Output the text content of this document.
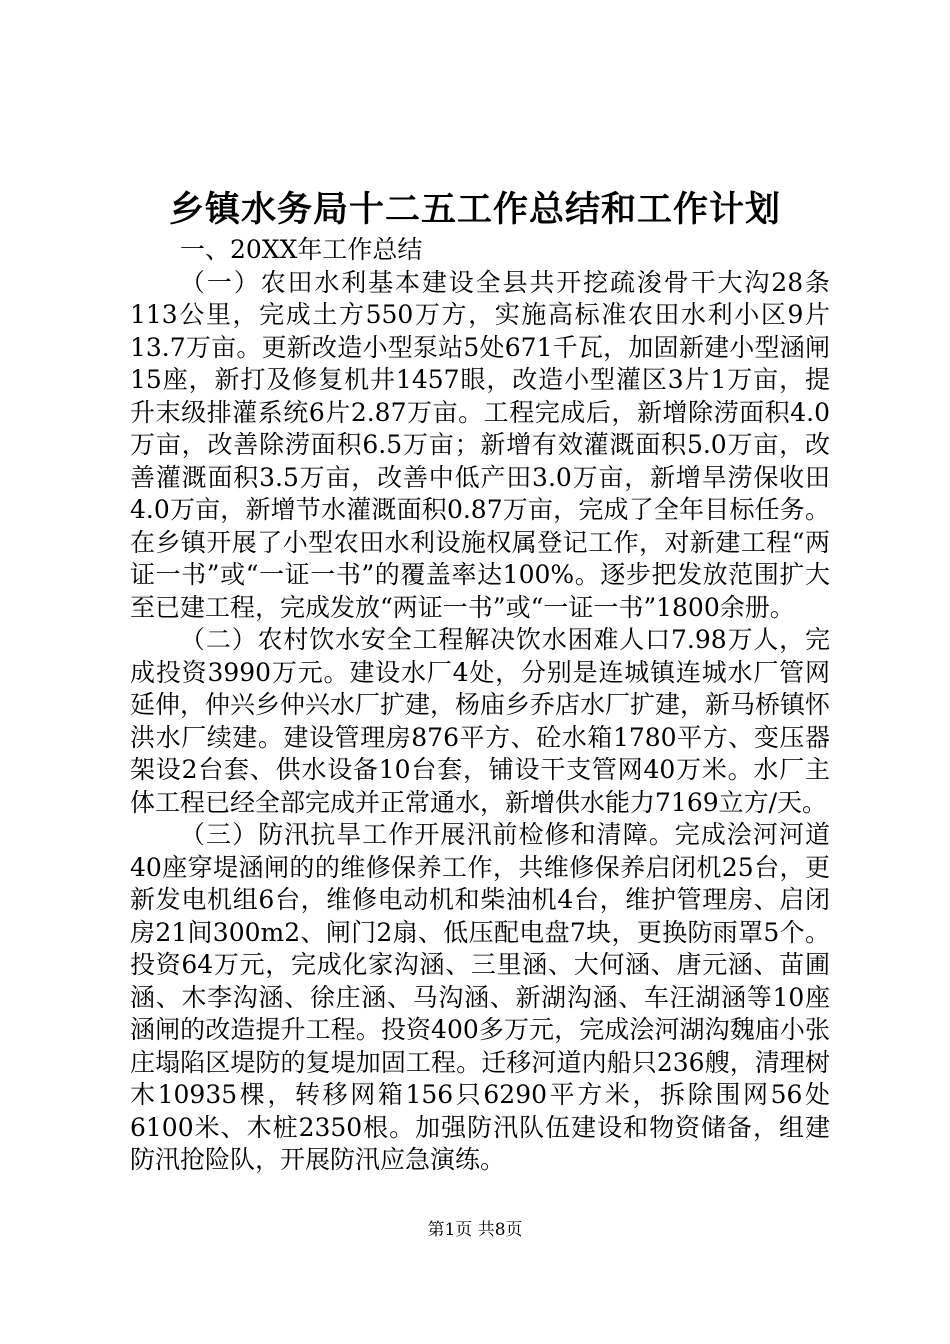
乡镇水务局十二五工作总结和工作计划

一、20XX年工作总结

（一）农田水利基本建设全县共开挖疏浚骨干大沟28条113公里，完成土方550万方，实施高标准农田水利小区9片13.7万亩。更新改造小型泵站5处671千瓦，加固新建小型涵闸15座，新打及修复机井1457眼，改造小型灌区3片1万亩，提升末级排灌系统6片2.87万亩。工程完成后，新增除涝面积4.0万亩，改善除涝面积6.5万亩；新增有效灌溉面积5.0万亩，改善灌溉面积3.5万亩，改善中低产田3.0万亩，新增旱涝保收田4.0万亩，新增节水灌溉面积0.87万亩，完成了全年目标任务。在乡镇开展了小型农田水利设施权属登记工作，对新建工程“两证一书”或“一证一书”的覆盖率达100%。逐步把发放范围扩大至已建工程，完成发放“两证一书”或“一证一书”1800余册。

（二）农村饮水安全工程解决饮水困难人口7.98万人，完成投资3990万元。建设水厂4处，分别是连城镇连城水厂管网延伸，仲兴乡仲兴水厂扩建，杨庙乡乔店水厂扩建，新马桥镇怀洪水厂续建。建设管理房876平方、砼水箱1780平方、变压器架设2台套、供水设备10台套，铺设干支管网40万米。水厂主体工程已经全部完成并正常通水，新增供水能力7169立方/天。

（三）防汛抗旱工作开展汛前检修和清障。完成浍河河道40座穿堤涵闸的的维修保养工作，共维修保养启闭机25台，更新发电机组6台，维修电动机和柴油机4台，维护管理房、启闭房21间300m2、闸门2扇、低压配电盘7块，更换防雨罩5个。投资64万元，完成化家沟涵、三里涵、大何涵、唐元涵、苗圃涵、木李沟涵、徐庄涵、马沟涵、新湖沟涵、车汪湖涵等10座涵闸的改造提升工程。投资400多万元，完成浍河湖沟魏庙小张庄塌陷区堤防的复堤加固工程。迁移河道内船只236艘，清理树木10935棵，转移网箱156只6290平方米，拆除围网56处6100米、木桩2350根。加强防汛队伍建设和物资储备，组建防汛抢险队，开展防汛应急演练。

第1页 共8页
